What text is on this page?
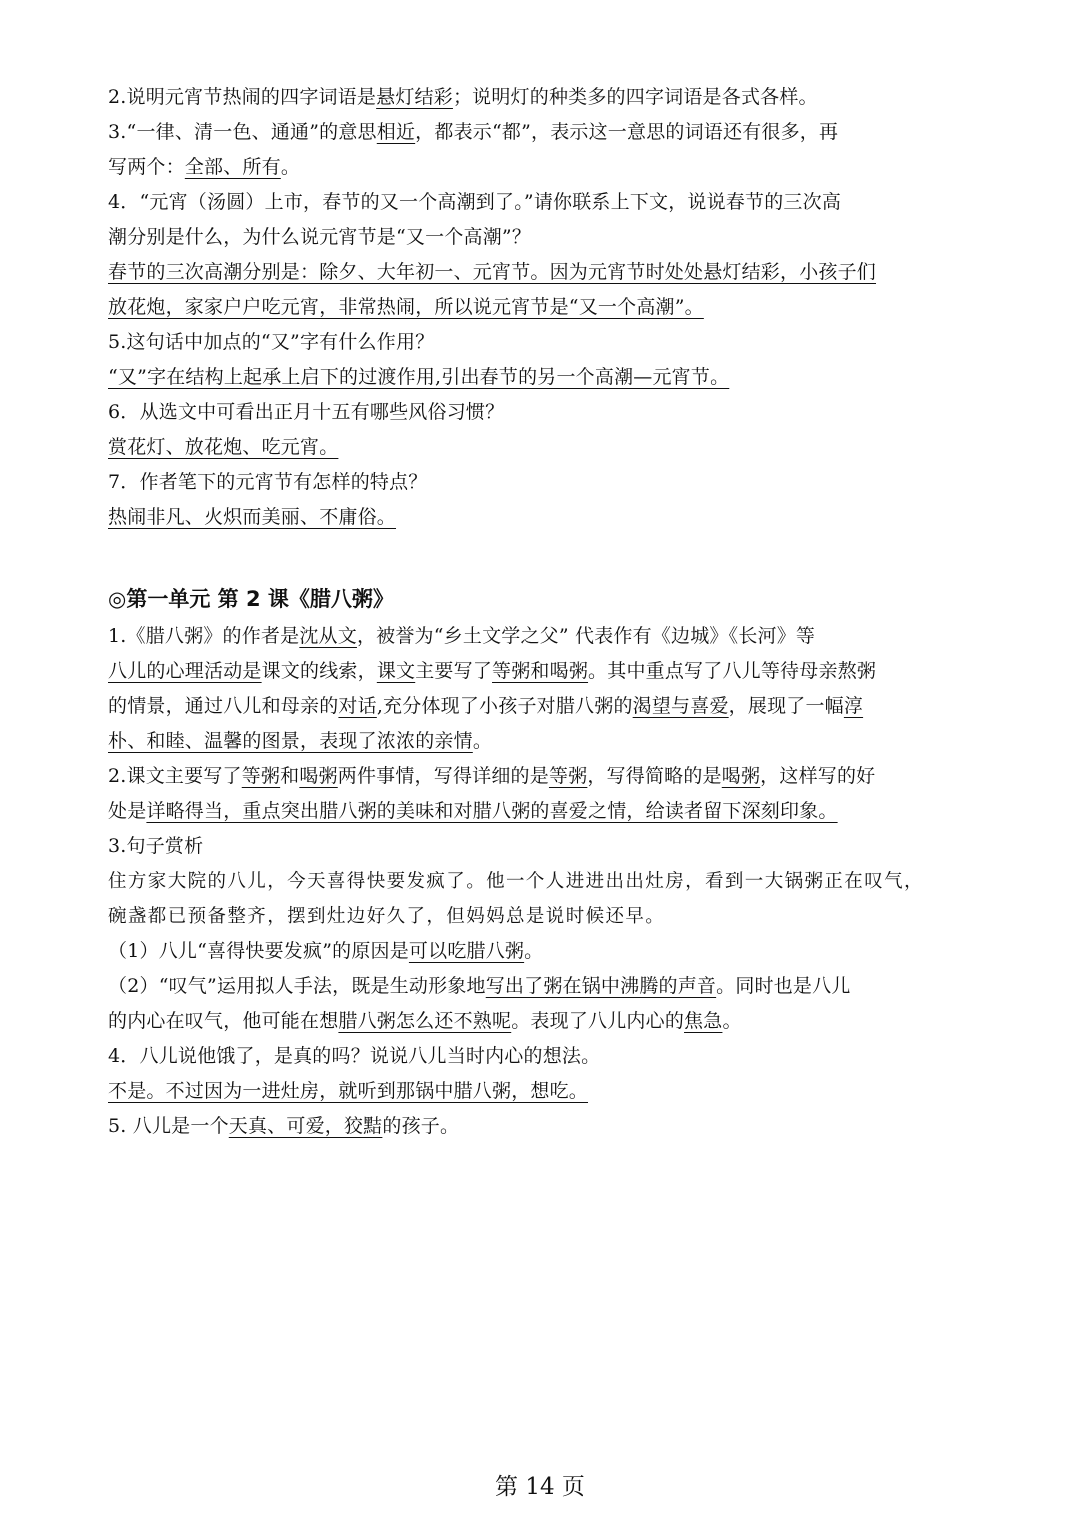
2.说明元宵节热闹的四字词语是悬灯结彩；说明灯的种类多的四字词语是各式各样。
3.“一律、清一色、通通”的意思相近，都表示“都”，表示这一意思的词语还有很多，再
写两个：全部、所有。
4．“元宵（汤圆）上市，春节的又一个高潮到了。”请你联系上下文，说说春节的三次高
潮分别是什么，为什么说元宵节是“又一个高潮”？
春节的三次高潮分别是：除夕、大年初一、元宵节。因为元宵节时处处悬灯结彩，小孩子们
放花炮，家家户户吃元宵，非常热闹，所以说元宵节是“又一个高潮”。
5.这句话中加点的“又”字有什么作用？
“又”字在结构上起承上启下的过渡作用,引出春节的另一个高潮—元宵节。
6．从选文中可看出正月十五有哪些风俗习惯？
赏花灯、放花炮、吃元宵。
7．作者笔下的元宵节有怎样的特点？
热闹非凡、火炽而美丽、不庸俗。
◎第一单元 第 2 课《腊八粥》
1.《腊八粥》的作者是沈从文，被誉为“乡土文学之父” 代表作有《边城》《长河》等
八儿的心理活动是课文的线索，课文主要写了等粥和喝粥。其中重点写了八儿等待母亲熬粥
的情景，通过八儿和母亲的对话,充分体现了小孩子对腊八粥的渴望与喜爱，展现了一幅淳
朴、和睦、温馨的图景，表现了浓浓的亲情。
2.课文主要写了等粥和喝粥两件事情，写得详细的是等粥，写得简略的是喝粥，这样写的好
处是详略得当，重点突出腊八粥的美味和对腊八粥的喜爱之情，给读者留下深刻印象。
3.句子赏析
住方家大院的八儿，今天喜得快要发疯了。他一个人进进出出灶房，看到一大锅粥正在叹气，
碗盏都已预备整齐，摆到灶边好久了，但妈妈总是说时候还早。
（1）八儿“喜得快要发疯”的原因是可以吃腊八粥。
（2）“叹气”运用拟人手法，既是生动形象地写出了粥在锅中沸腾的声音。同时也是八儿
的内心在叹气，他可能在想腊八粥怎么还不熟呢。表现了八儿内心的焦急。
4．八儿说他饿了，是真的吗？说说八儿当时内心的想法。
不是。不过因为一进灶房，就听到那锅中腊八粥，想吃。
5. 八儿是一个天真、可爱，狡黠的孩子。
第 14 页
